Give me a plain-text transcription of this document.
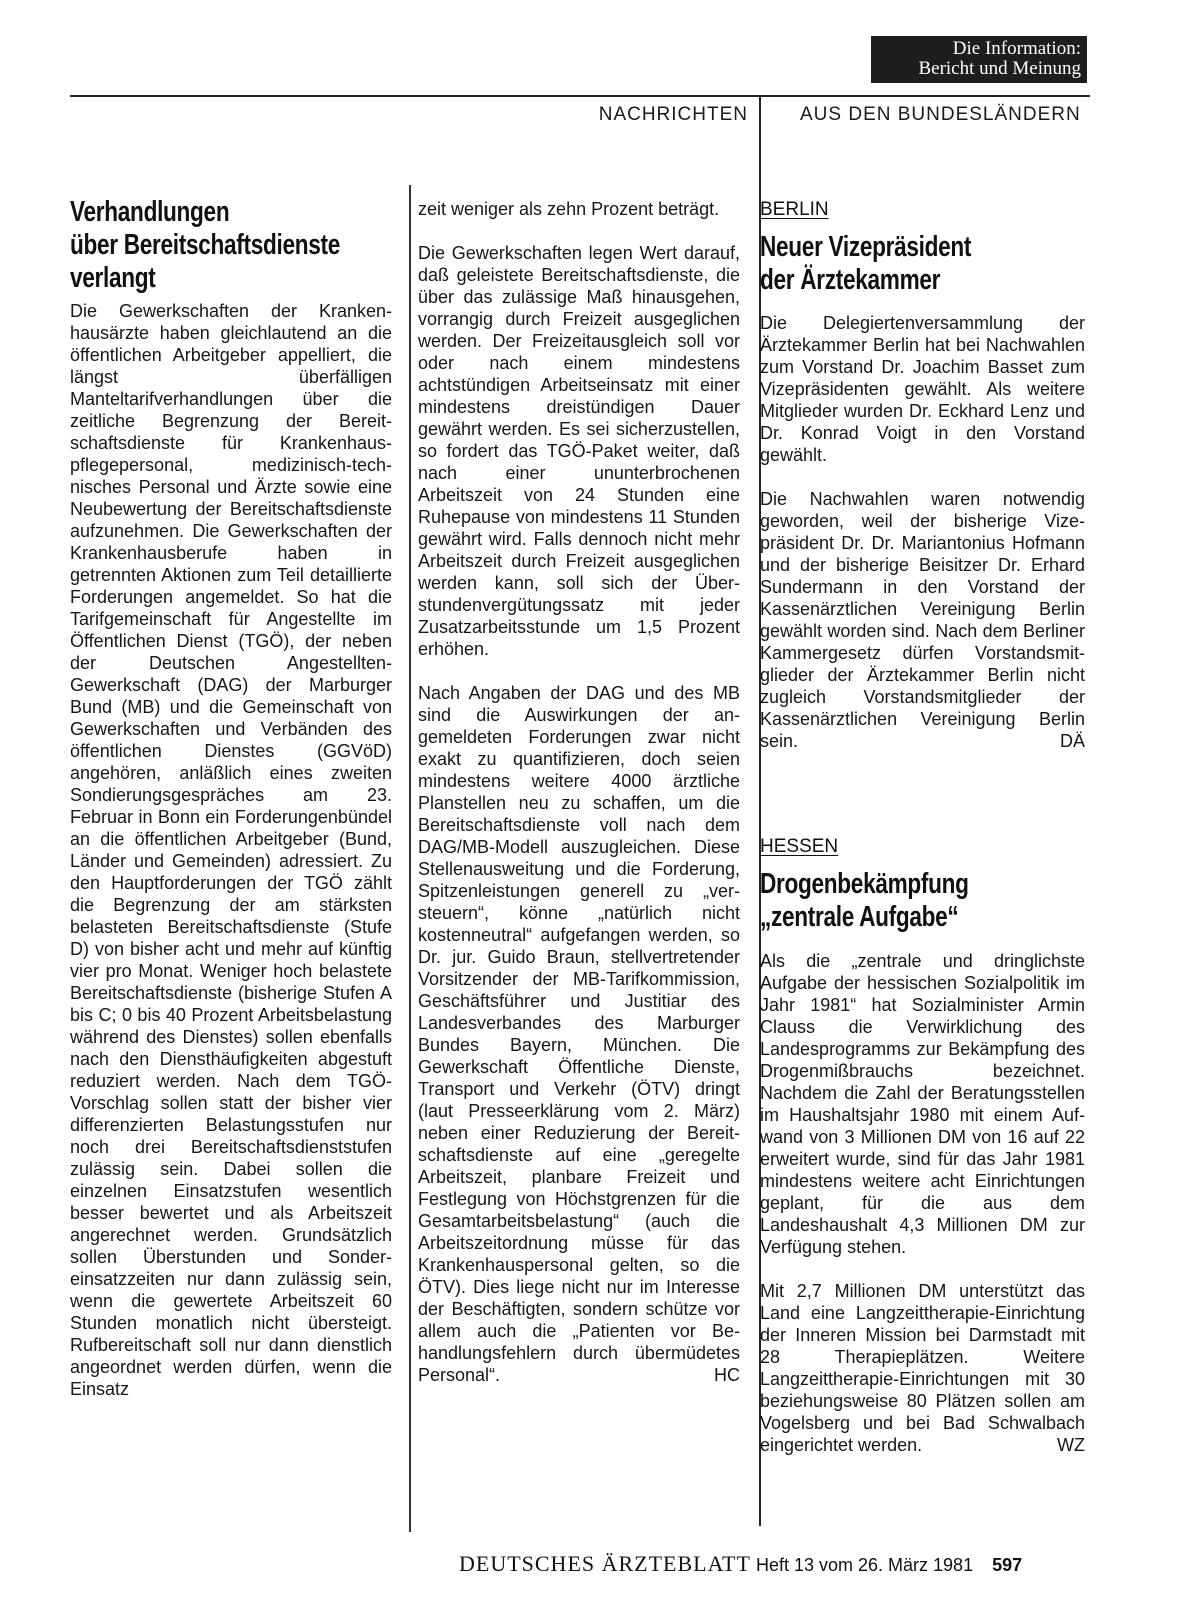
Die Information:
Bericht und Meinung
NACHRICHTEN	AUS DEN BUNDESLÄNDERN
Verhandlungen
über Bereitschaftsdienste
verlangt

Die Gewerkschaften der Krankenhausärzte haben gleichlautend an die öffentlichen Arbeitgeber appelliert, die längst überfälligen Manteltarifverhandlungen über die zeitliche Begrenzung der Bereitschaftsdienste für Krankenhauspflegepersonal, medizinisch-technisches Personal und Ärzte sowie eine Neubewertung der Bereitschaftsdienste aufzunehmen. Die Gewerkschaften der Krankenhausberufe haben in getrennten Aktionen zum Teil detaillierte Forderungen angemeldet. So hat die Tarifgemeinschaft für Angestellte im Öffentlichen Dienst (TGÖ), der neben der Deutschen Angestellten-Gewerkschaft (DAG) der Marburger Bund (MB) und die Gemeinschaft von Gewerkschaften und Verbänden des öffentlichen Dienstes (GGVöD) angehören, anläßlich eines zweiten Sondierungsgespräches am 23. Februar in Bonn ein Forderungenbündel an die öffentlichen Arbeitgeber (Bund, Länder und Gemeinden) adressiert. Zu den Hauptforderungen der TGÖ zählt die Begrenzung der am stärksten belasteten Bereitschaftsdienste (Stufe D) von bisher acht und mehr auf künftig vier pro Monat. Weniger hoch belastete Bereitschaftsdienste (bisherige Stufen A bis C; 0 bis 40 Prozent Arbeitsbelastung während des Dienstes) sollen ebenfalls nach den Diensthäufigkeiten abgestuft reduziert werden. Nach dem TGÖ-Vorschlag sollen statt der bisher vier differenzierten Belastungsstufen nur noch drei Bereitschaftsdienststufen zulässig sein. Dabei sollen die einzelnen Einsatzstufen wesentlich besser bewertet und als Arbeitszeit angerechnet werden. Grundsätzlich sollen Überstunden und Sondereinsatzzeiten nur dann zulässig sein, wenn die gewertete Arbeitszeit 60 Stunden monatlich nicht übersteigt. Rufbereitschaft soll nur dann dienstlich angeordnet werden dürfen, wenn die Einsatz

zeit weniger als zehn Prozent beträgt.

Die Gewerkschaften legen Wert darauf, daß geleistete Bereitschaftsdienste, die über das zulässige Maß hinausgehen, vorrangig durch Freizeit ausgeglichen werden. Der Freizeitausgleich soll vor oder nach einem mindestens achtstündigen Arbeitseinsatz mit einer mindestens dreistündigen Dauer gewährt werden. Es sei sicherzustellen, so fordert das TGÖ-Paket weiter, daß nach einer ununterbrochenen Arbeitszeit von 24 Stunden eine Ruhepause von mindestens 11 Stunden gewährt wird. Falls dennoch nicht mehr Arbeitszeit durch Freizeit ausgeglichen werden kann, soll sich der Überstundenvergütungssatz mit jeder Zusatzarbeitsstunde um 1,5 Prozent erhöhen.

Nach Angaben der DAG und des MB sind die Auswirkungen der angemeldeten Forderungen zwar nicht exakt zu quantifizieren, doch seien mindestens weitere 4000 ärztliche Planstellen neu zu schaffen, um die Bereitschaftsdienste voll nach dem DAG/MB-Modell auszugleichen. Diese Stellenausweitung und die Forderung, Spitzenleistungen generell zu „versteuern“, könne „natürlich nicht kostenneutral“ aufgefangen werden, so Dr. jur. Guido Braun, stellvertretender Vorsitzender der MB-Tarifkommission, Geschäftsführer und Justitiar des Landesverbandes des Marburger Bundes Bayern, München. Die Gewerkschaft Öffentliche Dienste, Transport und Verkehr (ÖTV) dringt (laut Presseerklärung vom 2. März) neben einer Reduzierung der Bereitschaftsdienste auf eine „geregelte Arbeitszeit, planbare Freizeit und Festlegung von Höchstgrenzen für die Gesamtarbeitsbelastung“ (auch die Arbeitszeitordnung müsse für das Krankenhauspersonal gelten, so die ÖTV). Dies liege nicht nur im Interesse der Beschäftigten, sondern schütze vor allem auch die „Patienten vor Behandlungsfehlern durch übermüdetes Personal“.	HC

BERLIN
Neuer Vizepräsident
der Ärztekammer

Die Delegiertenversammlung der Ärztekammer Berlin hat bei Nachwahlen zum Vorstand Dr. Joachim Basset zum Vizepräsidenten gewählt. Als weitere Mitglieder wurden Dr. Eckhard Lenz und Dr. Konrad Voigt in den Vorstand gewählt.

Die Nachwahlen waren notwendig geworden, weil der bisherige Vizepräsident Dr. Dr. Mariantonius Hofmann und der bisherige Beisitzer Dr. Erhard Sundermann in den Vorstand der Kassenärztlichen Vereinigung Berlin gewählt worden sind. Nach dem Berliner Kammergesetz dürfen Vorstandsmitglieder der Ärztekammer Berlin nicht zugleich Vorstandsmitglieder der Kassenärztlichen Vereinigung Berlin sein.	DÄ

HESSEN
Drogenbekämpfung
„zentrale Aufgabe“

Als die „zentrale und dringlichste Aufgabe der hessischen Sozialpolitik im Jahr 1981“ hat Sozialminister Armin Clauss die Verwirklichung des Landesprogramms zur Bekämpfung des Drogenmißbrauchs bezeichnet. Nachdem die Zahl der Beratungsstellen im Haushaltsjahr 1980 mit einem Aufwand von 3 Millionen DM von 16 auf 22 erweitert wurde, sind für das Jahr 1981 mindestens weitere acht Einrichtungen geplant, für die aus dem Landeshaushalt 4,3 Millionen DM zur Verfügung stehen.

Mit 2,7 Millionen DM unterstützt das Land eine Langzeittherapie-Einrichtung der Inneren Mission bei Darmstadt mit 28 Therapieplätzen. Weitere Langzeittherapie-Einrichtungen mit 30 beziehungsweise 80 Plätzen sollen am Vogelsberg und bei Bad Schwalbach eingerichtet werden.	WZ

DEUTSCHES ÄRZTEBLATT Heft 13 vom 26. März 1981 597
